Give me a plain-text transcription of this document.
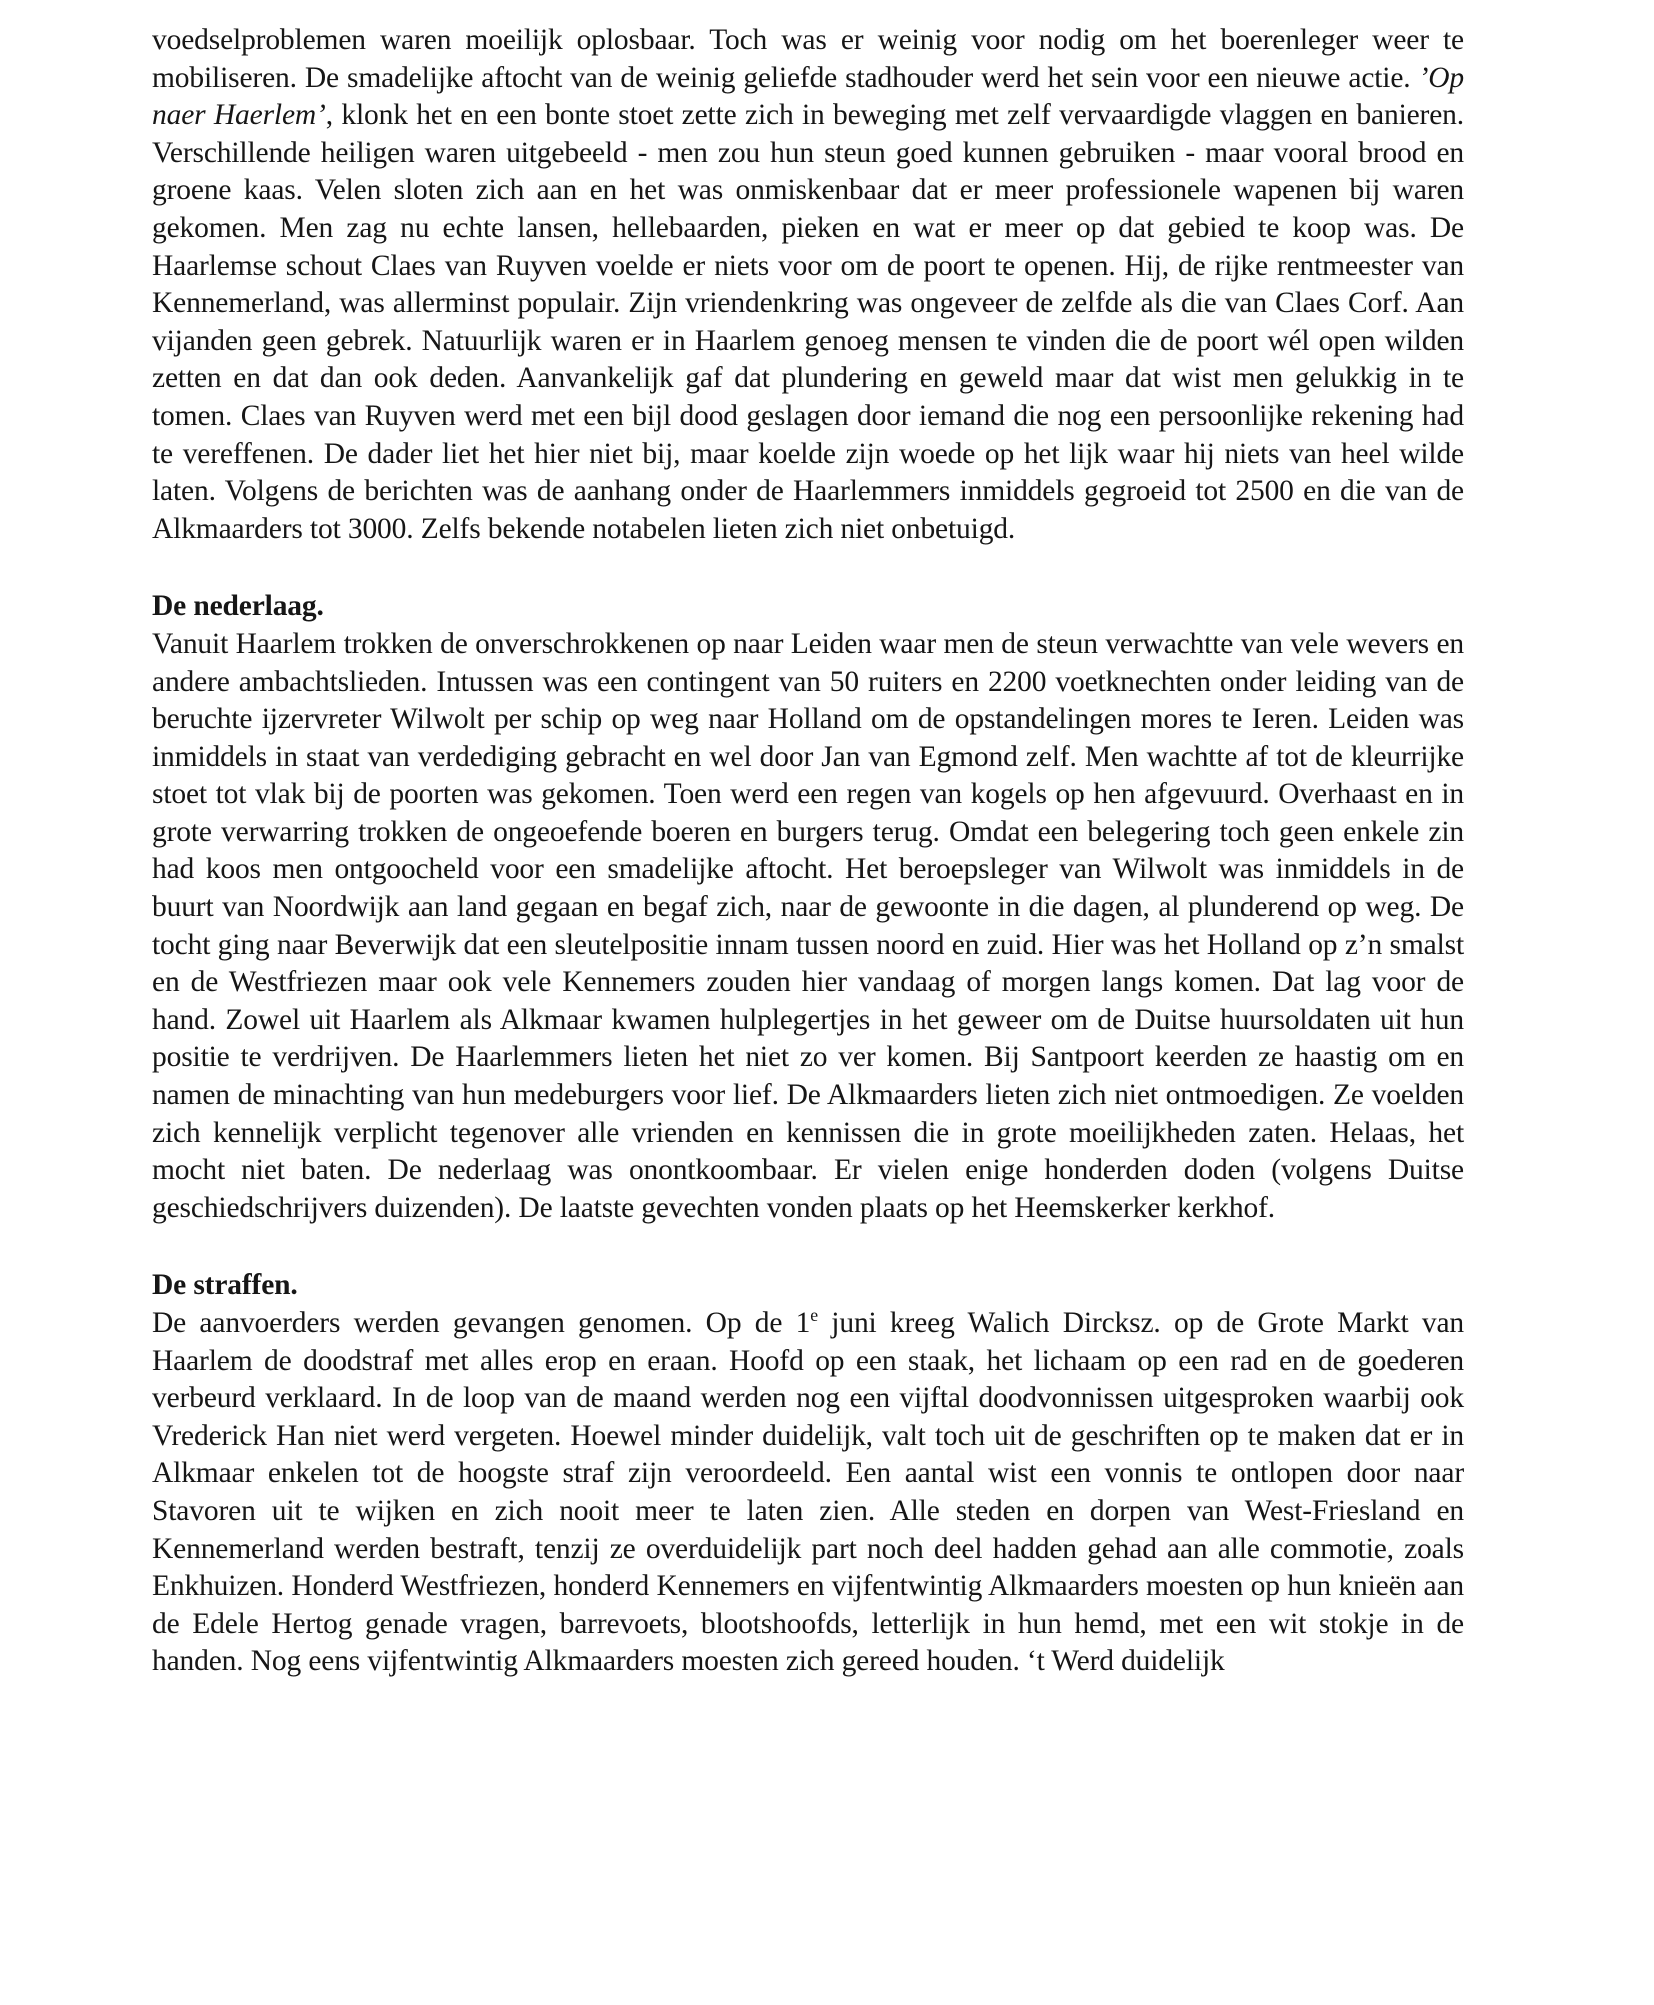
voedselproblemen waren moeilijk oplosbaar. Toch was er weinig voor nodig om het boerenleger weer te mobiliseren. De smadelijke aftocht van de weinig geliefde stadhouder werd het sein voor een nieuwe actie. ’Op naer Haerlem’, klonk het en een bonte stoet zette zich in beweging met zelf vervaardigde vlaggen en banieren. Verschillende heiligen waren uitgebeeld - men zou hun steun goed kunnen gebruiken - maar vooral brood en groene kaas. Velen sloten zich aan en het was onmiskenbaar dat er meer professionele wapenen bij waren gekomen. Men zag nu echte lansen, hellebaarden, pieken en wat er meer op dat gebied te koop was. De Haarlemse schout Claes van Ruyven voelde er niets voor om de poort te openen. Hij, de rijke rentmeester van Kennemerland, was allerminst populair. Zijn vriendenkring was ongeveer de zelfde als die van Claes Corf. Aan vijanden geen gebrek. Natuurlijk waren er in Haarlem genoeg mensen te vinden die de poort wél open wilden zetten en dat dan ook deden. Aanvankelijk gaf dat plundering en geweld maar dat wist men gelukkig in te tomen. Claes van Ruyven werd met een bijl dood geslagen door iemand die nog een persoonlijke rekening had te vereffenen. De dader liet het hier niet bij, maar koelde zijn woede op het lijk waar hij niets van heel wilde laten. Volgens de berichten was de aanhang onder de Haarlemmers inmiddels gegroeid tot 2500 en die van de Alkmaarders tot 3000. Zelfs bekende notabelen lieten zich niet onbetuigd.

De nederlaag.

Vanuit Haarlem trokken de onverschrokkenen op naar Leiden waar men de steun verwachtte van vele wevers en andere ambachtslieden. Intussen was een contingent van 50 ruiters en 2200 voetknechten onder leiding van de beruchte ijzervreter Wilwolt per schip op weg naar Holland om de opstandelingen mores te Ieren. Leiden was inmiddels in staat van verdediging gebracht en wel door Jan van Egmond zelf. Men wachtte af tot de kleurrijke stoet tot vlak bij de poorten was gekomen. Toen werd een regen van kogels op hen afgevuurd. Overhaast en in grote verwarring trokken de ongeoefende boeren en burgers terug. Omdat een belegering toch geen enkele zin had koos men ontgoocheld voor een smadelijke aftocht. Het beroepsleger van Wilwolt was inmiddels in de buurt van Noordwijk aan land gegaan en begaf zich, naar de gewoonte in die dagen, al plunderend op weg. De tocht ging naar Beverwijk dat een sleutelpositie innam tussen noord en zuid. Hier was het Holland op z’n smalst en de Westfriezen maar ook vele Kennemers zouden hier vandaag of morgen langs komen. Dat lag voor de hand. Zowel uit Haarlem als Alkmaar kwamen hulplegertjes in het geweer om de Duitse huursoldaten uit hun positie te verdrijven. De Haarlemmers lieten het niet zo ver komen. Bij Santpoort keerden ze haastig om en namen de minachting van hun medeburgers voor lief. De Alkmaarders lieten zich niet ontmoedigen. Ze voelden zich kennelijk verplicht tegenover alle vrienden en kennissen die in grote moeilijkheden zaten. Helaas, het mocht niet baten. De nederlaag was onontkoombaar. Er vielen enige honderden doden (volgens Duitse geschiedschrijvers duizenden). De laatste gevechten vonden plaats op het Heemskerker kerkhof.

De straffen.

De aanvoerders werden gevangen genomen. Op de 1e juni kreeg Walich Dircksz. op de Grote Markt van Haarlem de doodstraf met alles erop en eraan. Hoofd op een staak, het lichaam op een rad en de goederen verbeurd verklaard. In de loop van de maand werden nog een vijftal doodvonnissen uitgesproken waarbij ook Vrederick Han niet werd vergeten. Hoewel minder duidelijk, valt toch uit de geschriften op te maken dat er in Alkmaar enkelen tot de hoogste straf zijn veroordeeld. Een aantal wist een vonnis te ontlopen door naar Stavoren uit te wijken en zich nooit meer te laten zien. Alle steden en dorpen van West-Friesland en Kennemerland werden bestraft, tenzij ze overduidelijk part noch deel hadden gehad aan alle commotie, zoals Enkhuizen. Honderd Westfriezen, honderd Kennemers en vijfentwintig Alkmaarders moesten op hun knieën aan de Edele Hertog genade vragen, barrevoets, blootshoofds, letterlijk in hun hemd, met een wit stokje in de handen. Nog eens vijfentwintig Alkmaarders moesten zich gereed houden. ‘t Werd duidelijk
